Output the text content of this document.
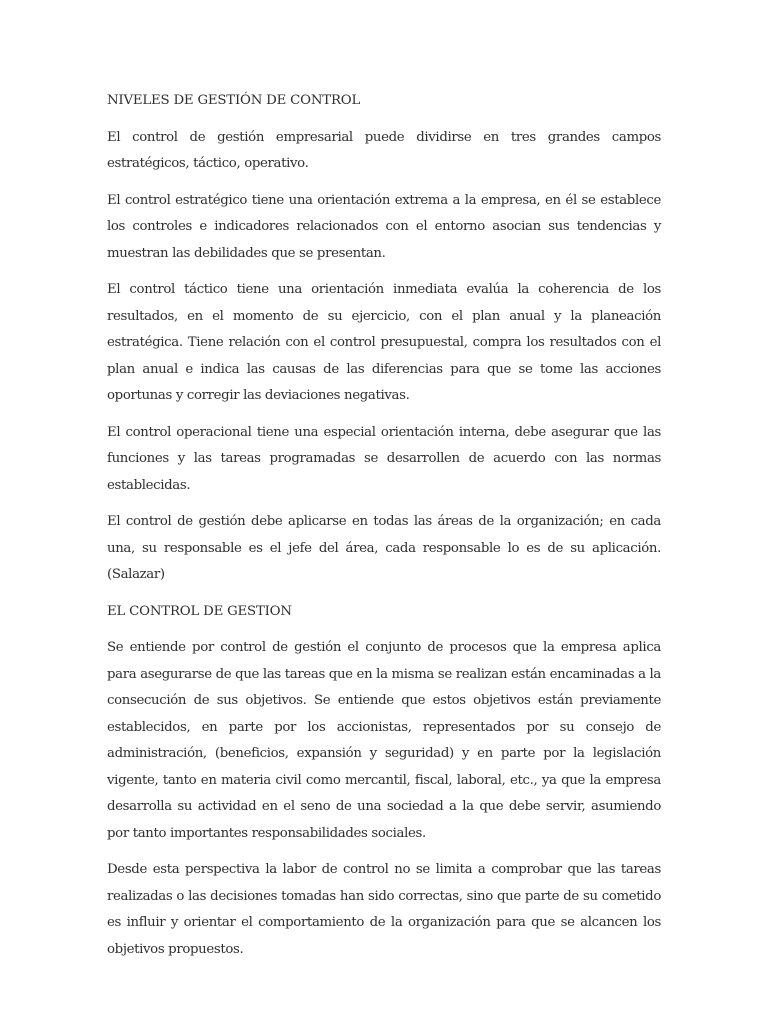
NIVELES DE GESTIÓN DE CONTROL

El control de gestión empresarial puede dividirse en tres grandes campos estratégicos, táctico, operativo.

El control estratégico tiene una orientación extrema a la empresa, en él se establece los controles e indicadores relacionados con el entorno asocian sus tendencias y muestran las debilidades que se presentan.

El control táctico tiene una orientación inmediata evalúa la coherencia de los resultados, en el momento de su ejercicio, con el plan anual y la planeación estratégica. Tiene relación con el control presupuestal, compra los resultados con el plan anual e indica las causas de las diferencias para que se tome las acciones oportunas y corregir las deviaciones negativas.

El control operacional tiene una especial orientación interna, debe asegurar que las funciones y las tareas programadas se desarrollen de acuerdo con las normas establecidas.

El control de gestión debe aplicarse en todas las áreas de la organización; en cada una, su responsable es el jefe del área, cada responsable lo es de su aplicación. (Salazar)

EL CONTROL DE GESTION

Se entiende por control de gestión el conjunto de procesos que la empresa aplica para asegurarse de que las tareas que en la misma se realizan están encaminadas a la consecución de sus objetivos. Se entiende que estos objetivos están previamente establecidos, en parte por los accionistas, representados por su consejo de administración, (beneficios, expansión y seguridad) y en parte por la legislación vigente, tanto en materia civil como mercantil, fiscal, laboral, etc., ya que la empresa desarrolla su actividad en el seno de una sociedad a la que debe servir, asumiendo por tanto importantes responsabilidades sociales.

Desde esta perspectiva la labor de control no se limita a comprobar que las tareas realizadas o las decisiones tomadas han sido correctas, sino que parte de su cometido es influir y orientar el comportamiento de la organización para que se alcancen los objetivos propuestos.
